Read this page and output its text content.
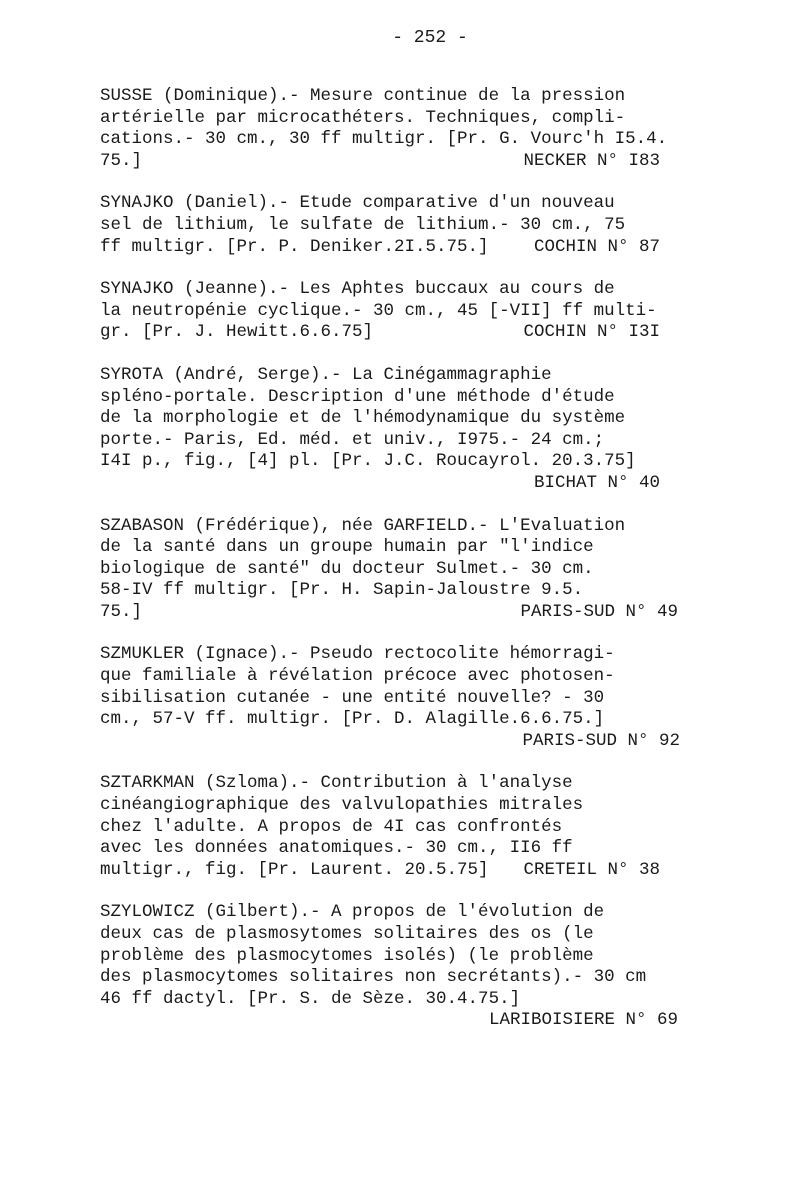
- 252 -
SUSSE (Dominique).- Mesure continue de la pression
artérielle par microcathéters. Techniques, compli-
cations.- 30 cm., 30 ff multigr. [Pr. G. Vourc'h I5.4.
75.]	NECKER N° I83
SYNAJKO (Daniel).- Etude comparative d'un nouveau
sel de lithium, le sulfate de lithium.- 30 cm., 75
ff multigr. [Pr. P. Deniker.2I.5.75.]	COCHIN N° 87
SYNAJKO (Jeanne).- Les Aphtes buccaux au cours de
la neutropénie cyclique.- 30 cm., 45 [-VII] ff multi-
gr. [Pr. J. Hewitt.6.6.75]	COCHIN N° I3I
SYROTA (André, Serge).- La Cinégammagraphie
spléno-portale. Description d'une méthode d'étude
de la morphologie et de l'hémodynamique du système
porte.- Paris, Ed. méd. et univ., I975.- 24 cm.;
I4I p., fig., [4] pl. [Pr. J.C. Roucayrol. 20.3.75]
BICHAT N° 40
SZABASON (Frédérique), née GARFIELD.- L'Evaluation
de la santé dans un groupe humain par "l'indice
biologique de santé" du docteur Sulmet.- 30 cm.
58-IV ff multigr. [Pr. H. Sapin-Jaloustre 9.5.
75.]	PARIS-SUD N° 49
SZMUKLER (Ignace).- Pseudo rectocolite hémorragi-
que familiale à révélation précoce avec photosen-
sibilisation cutanée - une entité nouvelle? - 30
cm., 57-V ff. multigr. [Pr. D. Alagille.6.6.75.]
PARIS-SUD N° 92
SZTARKMAN (Szloma).- Contribution à l'analyse
cinéangiographique des valvulopathies mitrales
chez l'adulte. A propos de 4I cas confrontés
avec les données anatomiques.- 30 cm., II6 ff
multigr., fig. [Pr. Laurent. 20.5.75] CRETEIL N° 38
SZYLOWICZ (Gilbert).- A propos de l'évolution de
deux cas de plasmosytomes solitaires des os (le
problème des plasmocytomes isolés) (le problème
des plasmocytomes solitaires non secrétants).- 30 cm
46 ff dactyl. [Pr. S. de Sèze. 30.4.75.]
LARIBOISIERE N° 69
